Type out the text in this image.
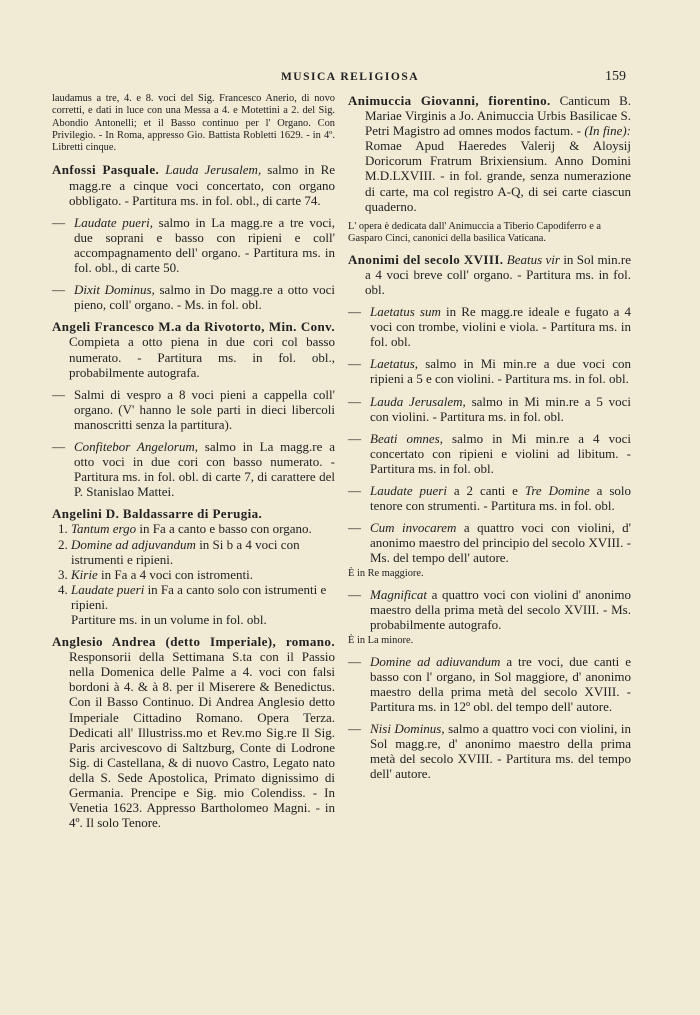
MUSICA RELIGIOSA	159

laudamus a tre, 4. e 8. voci del Sig. Francesco Anerio, di novo corretti, e dati in luce con una Messa a 4. e Motettini a 2. del Sig. Abondio Antonelli; et il Basso continuo per l' Organo. Con Privilegio. - In Roma, appresso Gio. Battista Robletti 1629. - in 4º. Libretti cinque.

Anfossi Pasquale. Lauda Jerusalem, salmo in Re magg.re a cinque voci concertato, con organo obbligato. - Partitura ms. in fol. obl., di carte 74.

— Laudate pueri, salmo in La magg.re a tre voci, due soprani e basso con ripieni e coll' accompagnamento dell' organo. - Partitura ms. in fol. obl., di carte 50.

— Dixit Dominus, salmo in Do magg.re a otto voci pieno, coll' organo. - Ms. in fol. obl.

Angeli Francesco M.a da Rivotorto, Min. Conv. Compieta a otto piena in due cori col basso numerato. - Partitura ms. in fol. obl., probabilmente autografa.

— Salmi di vespro a 8 voci pieni a cappella coll' organo. (V' hanno le sole parti in dieci libercoli manoscritti senza la partitura).

— Confitebor Angelorum, salmo in La magg.re a otto voci in due cori con basso numerato. - Partitura ms. in fol. obl. di carte 7, di carattere del P. Stanislao Mattei.

Angelini D. Baldassarre di Perugia.

1. Tantum ergo in Fa a canto e basso con organo.
2. Domine ad adjuvandum in Si b a 4 voci con istrumenti e ripieni.
3. Kirie in Fa a 4 voci con istromenti.
4. Laudate pueri in Fa a canto solo con istrumenti e ripieni.

Partiture ms. in un volume in fol. obl.

Anglesio Andrea (detto Imperiale), romano. Responsorii della Settimana S.ta con il Passio nella Domenica delle Palme a 4. voci con falsi bordoni à 4. & à 8. per il Miserere & Benedictus. Con il Basso Continuo. Di Andrea Anglesio detto Imperiale Cittadino Romano. Opera Terza. Dedicati all' Illustriss.mo et Rev.mo Sig.re Il Sig. Paris arcivescovo di Saltzburg, Conte di Lodrone Sig. di Castellana, & di nuovo Castro, Legato nato della S. Sede Apostolica, Primato dignissimo di Germania. Prencipe e Sig. mio Colendiss. - In Venetia 1623. Appresso Bartholomeo Magni. - in 4º. Il solo Tenore.

Animuccia Giovanni, fiorentino. Canticum B. Mariae Virginis a Jo. Animuccia Urbis Basilicae S. Petri Magistro ad omnes modos factum. - (In fine): Romae Apud Haeredes Valerij & Aloysij Doricorum Fratrum Brixiensium. Anno Domini M.D.LXVIII. - in fol. grande, senza numerazione di carte, ma col registro A-Q, di sei carte ciascun quaderno.

L' opera è dedicata dall' Animuccia a Tiberio Capodiferro e a Gasparo Cinci, canonici della basilica Vaticana.

Anonimi del secolo XVIII. Beatus vir in Sol min.re a 4 voci breve coll' organo. - Partitura ms. in fol. obl.

— Laetatus sum in Re magg.re ideale e fugato a 4 voci con trombe, violini e viola. - Partitura ms. in fol. obl.

— Laetatus, salmo in Mi min.re a due voci con ripieni a 5 e con violini. - Partitura ms. in fol. obl.

— Lauda Jerusalem, salmo in Mi min.re a 5 voci con violini. - Partitura ms. in fol. obl.

— Beati omnes, salmo in Mi min.re a 4 voci concertato con ripieni e violini ad libitum. - Partitura ms. in fol. obl.

— Laudate pueri a 2 canti e Tre Domine a solo tenore con strumenti. - Partitura ms. in fol. obl.

— Cum invocarem a quattro voci con violini, d' anonimo maestro del principio del secolo XVIII. - Ms. del tempo dell' autore.

È in Re maggiore.

— Magnificat a quattro voci con violini d' anonimo maestro della prima metà del secolo XVIII. - Ms. probabilmente autografo.

È in La minore.

— Domine ad adiuvandum a tre voci, due canti e basso con l' organo, in Sol maggiore, d' anonimo maestro della prima metà del secolo XVIII. - Partitura ms. in 12º obl. del tempo dell' autore.

— Nisi Dominus, salmo a quattro voci con violini, in Sol magg.re, d' anonimo maestro della prima metà del secolo XVIII. - Partitura ms. del tempo dell' autore.
